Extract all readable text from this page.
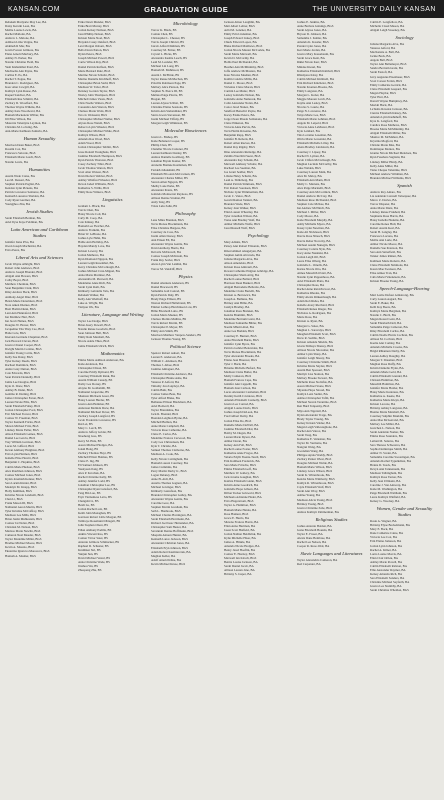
KANSAN.COM	GRADUATION GUIDE	THE UNIVERSITY DAILY KANSAN
Rebekah Mariyarie May Lee, BA
Daisy Kerstin Leon, BA
Mollie Louise Lewis, BA
Rachel Mallonn, BA
Andrew L. Malone, BA
Addison Lima Vergne, BA
Alahnah R Mar, BA
Gavin Forrest Gilmore, BA
Elena Arnold Marbury, BA
Ashley N. Parker, BA
Natalie Christine Field, BA
Yash Kishanbhai Patel, BA
Machaelia Ann Payne, BA
Carlina E. Po, BA
Rachel T. Pogue, BA
Brandon C. Rodriguez, BA
Isaac Alan Cowgill, BA
Kathryn Lynn Rouse, BA
Raquel Sanchez, BA
Elizabeth Rae Schmitt, BA
Zachary D. Woodford, BA
Thomas Wayne Wilkins, BA
Ashley Kate Woodward, BA
Hannah Mackenzie Wilbur, BA
Jill Elise Wilson, BA
Shaterria Valentyne Laymon, BA
Christina M. Lolwing, BA
Ann-Marie Kathleen Zamrzla, BA
Human Sexuality
Morrison Dean Baker, BGS
Rossini Cox, BA
Francesca Salcedo, BGS
Elizabeth Marie Lasch, BGS
Natalie Lewis, BA
Humanities
Austin Wade Crane, BA
Lea M. Dessert, BA
Stephen Patrick Pagliai, BA
Kendon Lynn Pickens, BA
Patrick Lawrence Sentance, BA
Kenneth Laurence Sheldon, BA
Cody Ryan Gardner, BA
Youngjhoo Zhu, BA
Jewish Studies
Sarah Elizabeth Berman, BA
Ariel Ilyse Kaye Feldman, BA
Latin American and Caribbean Studies
Jennifer Irene Piva, BA
Owen Joseph Machnicki, BA
Erica Perez, BA
Liberal Arts and Sciences
Jacob Wayne Albright, BGS
Robert John Andrews, BGS
Andrew Joseph Blonder, BGS
Abigail Ann Bowers, BGS
Colby Boyer, BGS
Matthew Cherniak, BGS
Sean Benjamin Clark, BGS
Riley Andrew Beck, BGS
Anthony Angel Diaz, BGS
Helen Marie Donaldson, BGS
Nora Aiken Dierkes, BGS
Brett Harbin Dunn, BGS
Lani Ann Hannaford, BGS
Ian Matthew Hart, BGS
Ian Jacob Haines, BGS
Douglas W. Hewer, BGS
Jacqueline Thu Thuy Cao, BGS
Halie Cole, BGS
Kiersten Gertrude Chapman, BGS
Jack Howard Clevan, BGS
Jessica Chanel Cooper, BGS
Dwight Martin Corzine, BGS
Jennifer Young Cottle, BGS
Kelly Sue Daley, BGS
Tyler Kelsey Deeds, BGS
Rachael Dominick, BGS
Andre Gray Dutton, BGS
Cole Edwards, BGS
Sean Patrick Donnelly, BGS
Jamie Lee Douglas, BGS
Kyle O. Drew, BGS
Ashley B. Dunn, BGS
Gemma R. Dutting, BGS
James Christopher Eaton, BGS
Lauren Nicole Ellis, BGS
Sarah Elizabeth Fahey, BGS
Jordan Christopher Ford, BGS
Eric Michael Forrest, BGS
Connor W. Freeman, BGS
Taylor Kenneth Fricks, BGS
Shawn Michael Fritz, BGS
Lindsey Marie Fuller, BGS
Alison Elizabeth Gaines, BGS
Daniel Lee Garcia, BGS
Trey William Garrison, BGS
Lucas M. Gifford, BGS
Kevan Anthony Haighton, BGS
Erica Lynn Harmon, BGS
Isabelle Elise Hewitt, BGS
Benjamin C. Hopkins, BGS
Caitlin Marie Hudson, BGS
Alex Pearlman Johnson, BGS
Connor Michael Jones, BGS
Kylan Jeremiah Kenner, BGS
Sara Larkin Kinder, BGS
Madelyn M. Knapp, BGS
Holly Kuhlman, BGS
Kristine Nicole Landreth, BGS
Chen Li, BGS
Frank Mason III, BGS
Nathaniel Aaron Martin, BGS
Tyler Kristine McCaffrey, BGS
Madison Lee Mills, BGS
Brian Justin Muhlestein, BGS
Connor Jai Nolan, BGS
Christian M. Nelson, BGS
Marissa Marie Newlin, BGS
Cameron Neal Meeder, BGS
Taylor Madeline Miller, BGS
Bradlee Michael Moore, BGS
Kevin A. Moreno, BGS
Ekaterina Ignatova Morozova, BGS
Hannah A. Mosher, BGS
Erika Dawn Munder, BGS
Erika Brett Murray, BGS
Jordan Kelsey Neilson, BGS
Jared Phillip Nelson, BGS
Kristen Marie Noel, BGS
Brayden Casey Oakford, BGS
Lexi Morgan Osborn, BGS
Bella Dawn Patton, BGS
Dylan Peters, BGS
Joseph Michael Powell, BGS
Carrie Wilson Ray, BGS
Daniel Patrick Rolfsen, BGS
Marie Bernard Ruiz, BGS
Martine Nicole Schultz, BGS
Marina Danielle Kirchhoff, BGS
Christopher Brian Stohl, BGS
Madison W. Tabor, BGS
Delaney Gordon Taylor, BGS
Wesley John Thompson, BGS
Mitchell James Vieux, BGS
Chris Noelle Walters, BGS
Cassandra Ann Warren, BGS
Chelsea Marie Watts, BGS
Tara Jo Weissend, BGS
Christopher Michael Weller, BGS
Alyssa Rose Wendt, BGS
Rebecca Lynn Wheeler, BGS
Christopher Michael White, BGS
Kathryn Wilson, BGS
Amanda Rae Wood, BGS
Adam Wood, BGS
Jordan Christopher Tebbitt, BGS
Jesse Ronald Younghans, BGS
Jasmine Elizabeth Thompson, BGS
Ryan Patrick Thurston, BGS
Casey Zachary Tiller, BGS
Jacob Thomas Warren, BGS
Scott Alan Watson, BGS
David Robert Webber, BGS
Ashley Winifred Wheeler, BGS
Devon Jaded Williams, BGS
Katherine S. Willis, BGS
Emily Rose Winters, BGS
Linguistics
Graham L. Black, BA
Travis Chen, BA
Haley Nicole Colt, BA
Carly M. Coop, BA
Cole Kinney, BA
Hannah Lee Fletcher, BA
Andrew Franklin, BA
Brian W. LeBrone, BA
Joshua Lyle Hahn, BA
Hallie Ann Holliday, BA
Hayden Mandy Love, BA
Kristen Lowery, BA
Jordan Mathews, BA
Ryan Diamond Nguyen, BA
Lauren Leigh Rosenthal, BA
Kerry Christine McCollough, BA
Joshua Michael Cruz-Miguel, BA
Anna Maria Martinez, BA
Alexandria M. Purswell, BA
Madeleine Anne Rich, BA
Sarah Lynn Roth, BA
Kimberly Gabrielle Vela, BA
Rebekah Walker, BA
Kelly Ann Wiethoff, BA
Luke A. Wright, BA
Tianyue Wu, BA
Literature, Language and Writing
Taylor Lee Dodge, BGS
Brian Avery Dowell, BGS
Natalie Renee Goodwin, BGS
Sean Johnson Hall, BGS
Emily Rain Marshall, BA
Nicole Adele Thies, BGS
Jamie Elizabeth Ulrich, BGS
Mathematics
Emma Maria Addison Anderson, BA
Katie Anderson, BA
Christopher Dixon, BS
Caroline Emily Dymond, BS
Courtney Elizabeth Rank, BA
Austin William Canady, BS
Darby Lee Dorsey, BS
Alayna M. Goldsmith, BS
Nathaniel Grapevine, BS
Shannon Michaela Greer, BS
Haley Lauren Harder, BS
Jessica Ann Hemmer, BS
Anderson Melinda Drew, BA
Nathaniel Michael Dover, BS
Zachary Joseph Langford, BS
Jacob Frederick Lawrence, BS
Rui Lei, BS
Mary C. Lerch, BS
Andrew Jeffery Grider, BS
Xiaohong Guo, BS
Kerry M. Hale, BS
Aaron Michael Hodges, BA
Jonah Hong, BS
Zachary Thomas Hoyt, BS
Mitchell Elliott Holmes, BS
Claire E. Ing, BS
Eli Samuel Johnson, BS
Yuanyuan Jiang, BS
Alex P. Kavchek, BA
Rachel Christine Kelly, BS
Ashley Jennifer Ladd, BS
Jonathan Christopher Lee, BS
Christopher Ryan Lunsford, BA
Feng Bin Luo, BS
Eryn Vietnamese Letto, BS
Chengshi Li, BS
Heidi Lu, BS
Jordan Rachel Lutz, BS
Keith John Monaghan, BS
Garrison Robert Little Morgan, BS
Tamboye Rosemund Obiageli, BS
John Stephen Olson, BS
Ethan Anthony Padilla, BS
Ankita Vincent Rao, BS
Conner Victor Sater, BS
Antonio Gilmore Schmucker, BS
Raphael D. Schuster, BS
Kruthikar Siri, BS
Yunjun Sun, BS
David Michael Vestal, BS
Anna Christine Wade, BS
Jinzhou Wu, BS
Zhaopeng Zhu, BS
Microbiology
Trevor K. Black, BS
Connie Chen, BS
Christopher L. Chesser, BS
Travis Joseph Chilcutt, BS
Jaicob Alfred Dishman, BS
Courtney M. Ermer, BS
Crystal L. Hicks, BS
Alexandra Keshia Leach, BS
Leah M. Leander, BS
Michael Lin Long, BS
Hannah M. Mahmood, BS
Austin J. McBride, BS
Taylor Renee McMechan, BS
Priscilla Robinson Page, BS
Mallory Alice Pierson, BA
Stephen N. Pierce III, BS
Melissa Paige Pirotte, BS
Brogan, BS
Lauren Alyssa Schlatt, BS
Christine Elaina Sessions, BS
Kristin Ann Siebenthaler, BS
Sierra Gwen Stevenson, BS
Justin Michael Tiffany, BS
Morgan Leigh Wilkinson, BS
Molecular Biosciences
Jessica L. Bishop, BS
Katie Bohanon Cooper, BS
Phillip Chan, BS
Chandler Nicole Cuttoner, BS
Lauren Kathleen Donley, BS
Andrea Danielle Gosbberg, BS
Jonathan Bryant Kanter, BS
Avanelle Brainne Kastleman, BS
Farideh Jahanshahi, BS
Elizabeth Ella Ann McCracken, BS
Alexander Charles Miller, BS
Steven Allen Nguyen, BS
Shelby Lane Parks, BS
Alexander Peters, BS
Gabriela Montserrat Reynoso, BS
Allison Denise Strohan, BS
Andy Teng, BS
Trista Lulu Zahn, BS
Philosophy
Lane Miles Brennan, BGS
Tevia Monae Brockmann, BA
Elise Christine Burgess, BA
Courtney de Coss, BA
Justin Allen Dorsey, BGS
Ann Eileen Ell, BA
Alexander Wayne Gentle, BA
David Anthony Harris, BA
DeCarla McDowell, BA
Connor Joseph McIntosh, BA
Frank Ray Sevier, BGS
Alexa Lynn Van Lanthal, BA
Trevor M. Vandriff, BGS
Physics
Daniel Aberkeis Anderson, BS
Daniel Bracewell, BS
Samantha Gail Conrad, BS
Ryan Patrick Daly, BS
Brady Paige Ellison, BS
Weston Richard Hallebrand, BS
Emmet Lathrop Hutchinson Law, BS
Billie Elizabeth Lutto, BS
Jordan Maria Meeker, BS
Chelsea Molina Mullins, BS
Travis Robert Martin, BS
Christopher P. Meyer, BS
Emily Ann Smith, BS
Morrison Matthew Vanpew-Sanders, BS
Jackson Thomas Young, BS
Political Science
Spencer Robert Aubert, BA
Lauren E. Anderson, BA
William C. Atkinson, BA
Thomas J. Albee, BGS
Jasmine Almaguer, BA
Elizabeth Christine Andrews, BA
Christopher Blaine Ashe, BA
Vanessa P. Axford, BA
Timothy Jacob Aydeyi, BA
Caitlin Bahr, BA
Connor James Bess, BA
Tyler Alfred Blake, BA
Bethanee Ellison Blackburn, BA
Ariel Bodwell, BA
Taylor Brandstine, BA
Jack R. Brendel, BGS
Brendan Leighton Byrne, BA
Mitchell Bullion, BA
Anne Marie Campbell, BA
Victoria Rose Catherine, BA
Claire E. Carlos, BA
Madeline Frances Carwood, BA
Cody Lee Christensen, BA
Kyle T. Christie, BA
Samuel Thomas Claiborne, BA
Madison A. Cook, BA
Kelly Nicole Cottingham, BA
Hannah Lauren Courtney, BA
James Cummins, BA
Perry Martin Darby Jr., BGS
Logan Delaney, BGS
Anne El-Aldi, BA
Aurelio Thomas Gagnon, BA
Michael Gavinger, BGS
Kimberly Gustafson, BA
Brandon Christopher Gulley, BA
Alexander Wayne Gentle, BA
Caroline Gore, BA
Stephen Martin Gresham, BA
Seth L. Hanbrook, BGS
Michael Charles Harrington, BA
Sarah Elizabeth Herrmann, BA
Richard Joel Isaac Hernandez, BA
Christopher Sam Hester, BA
Savannah Denise Hoffmann, BGS
Shaquila Antuon Huntar, BA
Kenneth Lance Jackson, BGS
Alexander Christian Jones, BA
Elizabeth Eryn Johnson, BGS
Adam Robert Kazmierczak, BA
Meghan Keller, BA
Adolf Arnold Kline, BA
Kevin Michael Kruse, BGS
Jackson Abner Laughlin, BA
Matt Albert Lehrer, BGS
Arild M. Lenzner, BA
Emily Erin Lindeman, BA
Joseph Edward Liskey, BGS
Chuck Edward Lopez, BA
Blake Richard Matthews, BGS
Jordan Nicole Mauter McCorkle, BA
Sarah Marie Maxwell, BA
Kevin D. McCarthy, BA
Hollis Paul McDonald, BA
Heather Ann McMinnimy, BGS
Joffe Andrew McMasters, BA
Kate Nicolas Meehan, BGS
Kaitlin Candice Millis, BA
Daniel C. Moore, BGS
Vivienne Claire Moran, BGS
Carmin Lee Mutuc, BGS
Lesley Gabrielle Nelson, BA
Gabrielle Anne Nemecek, BA
Colin Alexander Nolan, BA
Conor Jarod Nunez, BA
Sandford Benedict Payne, BA
Kacey Elaine Peters, BA
Jorge Owen Pineda Saldanana, BA
Claire Pinkston, BA
Victoria Anne Purvis, BA
Tavis Harlin Ravenna, BA
Benjamin Rapp, BGS
Jennifer B. Rebeck, BA
Robert Allen Reeves, BA
Daniel Ray Rigsby, BGS
Dino Alexandra Rutledge, BA
Zabitha Warchild Sezar, BGS
Alexandra Kay Schenk, BA
Maxwell Anthony Scholtz, BA
Rachael Lee Seeman, BA
Joe Grant Seidler, BGS
Liliana Haley Schultz, BA
Leah A. Shlitzberg, BA
Daniel Patrick Simmons, BGS
Eric Robert Sorensen, BGS
Nichole Lynn Tilmmerman, BA
Jacob C. Vance, BGS
Gerald Ramon Venturi, BA
Brandon Wade, BGS
Kelsey Jean Walker, BGS
Ellen Lauren Wheatley, BA
Tyler Jonathan Wilson, BA
Trena Ann Bradley Wolf, BA
Amber Michelle Wolfe, BGS
Jared Russell Wolf, BGS
Psychology
Mary Adkins, BGS
Patsey Ann Robert Elizondo, BGS
Rinad Ahmed Alsugeiyan, BA
Stephen Aubin Alvarado, BA
Juliana Margarita Alva, BA
Alison Amendola, BGS
Kristen Rose Amirault, BA
Rowan Catherine Pidgion Arbridge, BA
Christopher Shain Attig, BA
Rachel Louise Ballard, BGS
Harrison Dean Bankert, BGS
Abigail Bernadette Bellerdo, BA
Madeline Claire Bertelli, BA
Kirsten A. Bertowicz, BA
Joseph A. Bethune, BA
Britney Ann Billie, BA
Jazzlyn Bradley, BA
Jonathan Ross Brannen, BA
Kendra Brummit, BGS
Madeline Bertrum Grant, BA
Madison Samantha Bibler, BA
Naomi Mhairi Abel, BA
Anne Lee Budden, BGS
Courtney E. Burnett, BGS
Anna Elizabeth Burns, BGS
Jennifer Lynn Byers, BA
Patricia Gabriel Benavidez, BA
Tevia Monae Brockmann, BA
Tyler Alexander Brooks, BA
Eliana Jean Bruewer, BGS
Tyler J. Buck, BA
Brianna Michelle Buford, BA
Madison Claire Butler, BA
Molly Cameron, BGS
Hannah Frances Cape, BA
Jennifer Ann Cappelli, BA
Hannah Jean Carlson, BA
Lucas Alexander Castleman, BGS
Destiny Keith Cavidores, BGS
Amanda Elizabeth Connolly, BGS
Jessica Lee Conrad, BA
Abigail Louise Davis, BGS
Joshua Joseph DeLeon, BA
Fred Gilbert Derby, BA
Jordan Elise Do, BGS
Danielle Marie DeWall, BA
Jasmine Elizabeth Dial, BA
Bobby M. Dugan, BA
Lauren Marie Dyson, BA
Amber Doran, BA
Kelsey Ann Fall, BGS
Rachel Louise Foster, BGS
Katherine Anne Fragos, BA
Valaria Edyth Fuente-Tarell, BGS
Erin Kathleen Frederick, BA
Sara Marie Fritsche, BGS
Emma Elizabeth Goff, BA
Matthew W. Gallery, BA
Jack Jerome Gaughan, BGS
Katrina Elizabeth Glenn, BGS
Kristin Anne Goodrich, BA
Gabrielle Hope Gibson, BA
Dillon Tucker Griswold, BGS
Michaela Adrienne Hader, BA
Erica Hagerstrom, BGS
Taylor A. Hamilton, BGS
Hannah Marie Hanna, BA
Rose Hannon, BGS
Grace E. Harris, BA
Shawna Frances Harris, BA
Ellen Anna Hartman, BA
Jason Scott Hatfield, BA
Jordan Nathan Heidbrink, BA
Kylie Michelle Hiser, BA
James A. Hinkle, BA
Amanda Nicole Hodges, BA
Henry Jared Hoeflin, BA
Connor E. Horsley, BGS
Maxwell Ian Kirsch, BGS
Benita Louise Jackson, BA
Sarah Daniel Jacob, BA
Allison Lauren Jane, BA
Brittany S. Jasper, BA
Joshua E. Jenkins, BA
Anne Barbara Jennings, BGS
Sarah Alysse Jones, BA
Bryson D. Johnson, BA
Samantha J. Kahler, BA
Amanda K. Kassler, BGS
Ponder Lynn Jones, BA
Keri Marie Jordan, BA
Jessica Mary Kassebaum, BA
Sarah Grace Kent, BA
Rikki Nicole Kerr, BGS
Mindee Kiesel, BA
Katherine Elizabeth Kimball, BGS
Rhianyssa Kiray, BA
Caitlin Michael Kimbrell, BA
Erin Richard Kinchelor, BGS
Natalie Kronner-Brooks, BA
Emily Langston, BA
Morgan L. Kober, BA
Maggie Moreen Larch, BA
Kaylie Ann Lasley, BGS
Nicolas S. Laurie, BA
Paige N. Lawrence, BA
Tanya Marie Lee, BGS
Elizabeth Marie Lehman, BGS
Angela M. Leipold, BGS
Victoria Anne LeMaster, BGS
Kyle Lenhard, BA
Tina Lorraine Leseman, BA
Olivia Marie Lewenski, BA
Elizabeth Michelle Lilley, BA
Alena Bradley Lindstrom, BA
Courtney J. Lipsey, BA
Rachel N. Lyman, BA
Jacob Clifton McCullough, BA
Meghan Lucinda McCarthy, BA
Luke Walden, BGS
Courtney Lauren Main, BA
Alex M. Maloy, BA
Elizabeth Ann Mann, BGS
Molly C. Martens, BA
Alex Paige Marinelli, BGS
Courtney Ann McCormick, BGS
Daniel Andrew McCray, BA
Madison Rose McDonald, BGS
Stephen Cole McKee, BA
Ian Andrew McNinch, BA
Michael J. Miller, BGS
Cody Moore, BA
Katie Elizabeth Murphy, BA
Ashly Michelle Myers, BA
Kasey Lynn Newman, BA
Katie Ali Nickleson, BGS
Darcie Rose Nitesch, BGS
Darcia Reber Novotny, BA
Michael Austin Nunegin, BGS
Courtney Coletta Nyle, BA
Kacy Anne Nusinski, BA
Jordan Leigh Oil, BGS
Laura Elise Olberg, BA
Gabrielle L. Ornells, BA
Karlee Nicole Otto, BA
Aimee Meredith Oviatt, BA
Natalie Lynn Pappenhoos, BA
Ariel Elizabeth Platts, BA
Christopher Rees, BA
Rachel Anne Reid-Prevost, BA
Katherine Rhodes, BA
Emily Alexis Rinkenbaugh, BA
Adam Rob Rizka, BA
Isabelle Avery Riechard, BGS
Elizabeth Renee Rieger, BA
Nicholas A. Rodriguez, BA
Marie Rose, BA
Kirsten A. Ryan, BA
Morgan G. Salee, BA
Meghan L. Saravaiya, BGS
Meaghan Elizabeth Scott, BGS
Drew R. Sedillo, BGS
Kristen Amanda Shields, BA
Gloria Shibuya Shenoy, BGS
Allison Nicole Showalter, BA
Amber Lynn Sharp, BA
Jennifer Leigh Sheary, BA
Courtney Christine Smith, BGS
Kristina Marie Snyder, BGS
Austin Ben Spessert, BGS
Marilyn Lisa Stanton, BA
Mallory Brooke Stewart, BA
Michelle Rose Stoltzfus, BA
Aaron Michael Stone, BGS
Shyanna Hope Stroud, BA
Kaitlyn Lenz Sudler, BA
Ashlea Christopher Tafiti, BA
Michael Steven Tarantino, BGS
Ren Hurd Tenpenny, BGS
Miya Ann Tigertail, BA
Dylan Alexander Trapp, BA
Brady Taylor Truong, BA
Kelsey Kristen Valdez, BA
Megan Leigh Vallesteghone, BA
Rachel Ann Vatroz, BA
Sarah Vaug, BA
Katherine E. Verkstner, BA
Taylor M. Vermeire, BA
Nangrui Wang, BA
Gwendian Wang, BA
Philippe Ayana Waddy, BGS
Zachary Parker Wiest, BGS
Douglas Michael Welde, BA
Hannah Marie Wilson, BGS
Lindsay Grace Wilson, BGS
Sarah K. Wittenbrook, BA
Kendra Marie Wimberly, BGS
Kaitlyn R. Wittenbrook, BGS
Cayla Elizabeth Wolf, BGS
Sarah Ann Wray, BGS
Ashlee Young, BA
Madison Alicia Young, BGS
Brittney Young, BGS
Jessica Christine Zabe, BGS
Andrea Kathryn Zimmerman, BA
Religious Studies
Joshua Antonio Bolden, BA
Jeana Elizabeth Bounds, BA
Taylor E. Fraser, BA
Alexis Dane Hembree, BA
Rachel Lee Nelson, BA
Cooper R. Rose-Weir, BA
Slavic Languages and Literatures
Taylor Alexandria Cameron, BA
Red Carpenter, BA
Caitlin E. Longfellow, BA
Michelle Cloud Mason, BA
Abigail Leigh Sweeney, BA
Sociology
Juliana Margarita Alva, BA
Vanessa Axford, BA
MacKenzie A. Ball, BA
Jackie Beck, BA
Angela Bell, BGS
Taylor Ann Bellemeyer, BGS
Sandra Bertram Grant, BA
Sarah Eastoft, BA
Jerry Augustus Eisenlauer, BGS
Scott Carson Ferlan, BGS
Emily Catherine Gerrick, BA
Claire Elizabeth Gaspard, BA
Megan Haydar, BGS
Tyler Hart, BA
Darrall Wayne Humphrey, BA
Moriah Huck, BA
LaTasha Ravenai Jackson, BA
Cientra Elizabeth Kinsey, BA
Amanda Lynn Kiehnhoff, BA
Kyra K. Langford, BA
Candice Rose Mathews, BGS
Brooke Marie McMinnimy, BA
Abigail Elizabeth Miller, BA
Shanice M. McMahon, BA
Krystina Mogford, BA
Christie Marie Mus, BA
Dominique Montez, BA
Gianna Nicole Michael Mendoza, BA
Ryan Fusahara Sugitani, BA
Lindsey Miller Hindy, BA
Kelly Anne Miller, BA
Tiana Cheque Valentine, BGS
Michael Andrew Wildman, BA
Brandon Michael Williams, BGS
Spanish
Andrew Roy Amaro, BA
Lia Adelaide Conwell Velazquez, BA
Marco Z. Davies, BA
Trevor Dispeter, BA
Anna Marie Dietz, BA
Lindsey Renee Frakheil, BA
Stephanie Rose Harris, BA
Haley Isabella Hoskins, BA
Caroline Renee Hull, BA
Robert Austin Keal, BA
Sarah H. Langley, BA
Francesca Lucano, BA
Mollie Ann Lurie, BA
Amber Nicole Moore, BA
Danielle Sue Peterson, BA
Sara Ann Satterfield, BA
Tanner James Rinner, BA
Kathleen Marie Roberts, BA
Claire Elizabeth Simmons, BA
Karen Mae Swanson, BA
Elise Aimee Tran, BA
Caila Mariel Valenzuela, BA
Kristen Brooke Young, BA
Speech-Language-Hearing
Mari Leslie Dufour Armstrong, BA
Carly Lauren Aagard, BA
Sarah E. Baker, BA
Kelli Kay Beers, BA
Kathryn Marie Bergman, BA
Natalie C. Birch, BA
Megan Roszel Goin, BA
Sarah Elizabeth Dell, BA
Samantha Paige Cameron, BA
Riley Elizabeth Corliss, BA
Caitlin Noelle Harris Cochran, BA
Allison M. Cochran, BGS
Kaelie Ann Comley, BA
Amanda Michelle Crooks, BA
Brigid Rhiannon Darby, BA
Lauren Ashley Doughty, BA
Morgan T. Drasman, BGS
Meghan Rose Duffy, BA
Kristin Danielle Flynn, BA
Amanda Marie Gold, BA
Caitlin Elizabeth Grendel, BA
Christen Hamilton, BA
Meredith Hamilton, BA
Jennifer Marie Holder, BA
Haley Marie Kaderaus, BA
Katharine A. Keene, BA
Katherine Marie Kleyn, BA
Kristen Lacoste, BA
Brittany Ashley Langston, BA
Brenna Marie Marshall, BA
Courtney Sulphin Mauldin, BA
Anna Mae McGerrand, BA
Mallory Lee Miller, BA
Gretchen L. Nelson, BA
Sarah Adelaide Nomer, BA
Emma Rose Saunders, BA
Leilani M. Salerno, BA
Sara Theresa Schwestra, BA
Sophia Dominique Smith, BA
Amber N. Swain, BA
Samantha Caroline Swearingen, BA
Amanda Rachel Sypulkdisat, BA
Braina D. Teeck, BA
Devyn Ann Tennenaum, BA
Madison Talbingham, BA
Kathryn Rose Turner, BA
Kelly Jean Ullmann, BA
Caroline J. Van Antwerp, BA
Katie M. Washington, BA
Paige Elizabeth Waltham, BA
Laura Kathryn Winfield, BA
Kelsey G. Woolsey, BA
Women, Gender and Sexuality Studies
Rosie A. Wagner, BA
Brittany Elyse Bockelmann, BA
Mary E. Bock, BA
Dane Catherine Caine, BA
Victoria Lee Cox, BA
Erin Elaine Jameson, BA
Jordan Lynn Johnson, BA
Rachel A. Kilner, BA
Lorna Louise Morris, BA
Ellen Clair Ortlek, BA
Ashley Marie Powell, BA
Caitlin Elizabeth Ralston, BA
Ellie Alexander Raymer, BA
Kelsey Amanda Rich, BA
Sara Elizabeth Sanders, BA
Christine Michael Seyferth, BA
Jessica Lea Stumbhy, BA
Sarah Christine Wheldon, BGS
